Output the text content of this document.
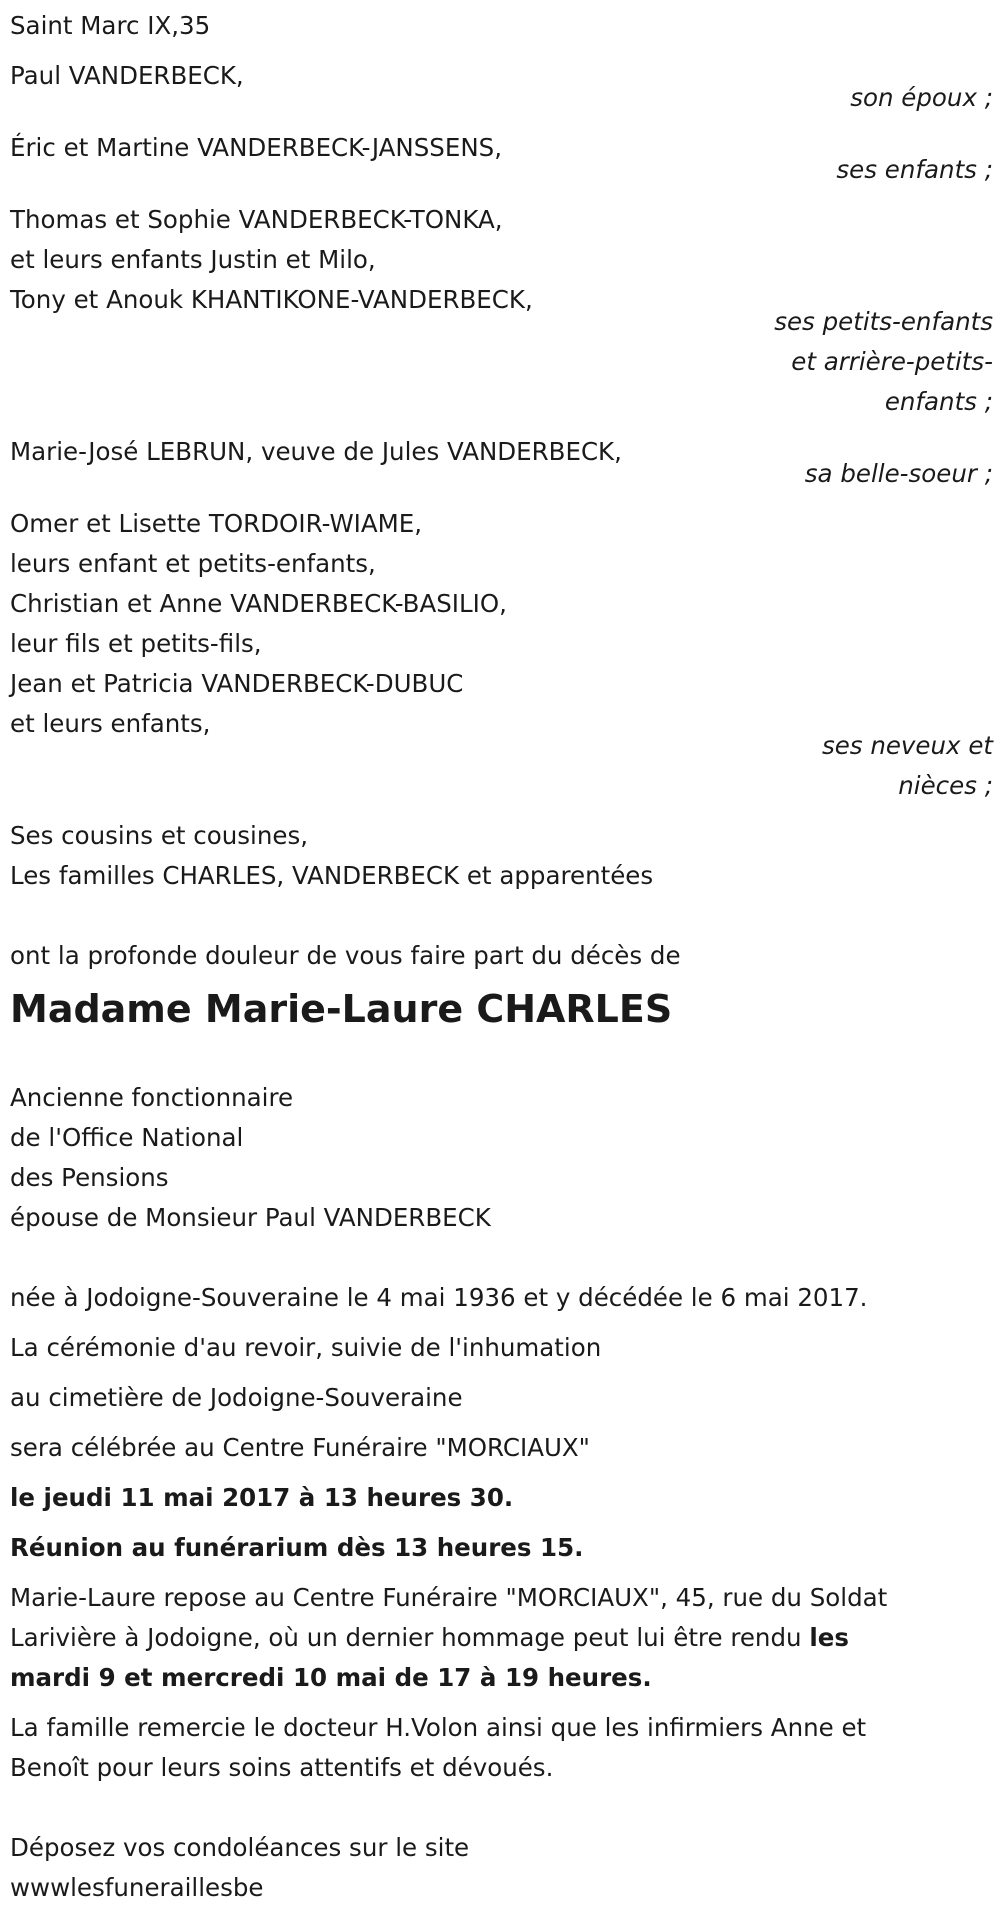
Saint Marc IX,35
Paul VANDERBECK,
son époux ;
Éric et Martine VANDERBECK-JANSSENS,
ses enfants ;
Thomas et Sophie VANDERBECK-TONKA,
et leurs enfants Justin et Milo,
Tony et Anouk KHANTIKONE-VANDERBECK,
ses petits-enfants
et arrière-petits-
enfants ;
Marie-José LEBRUN, veuve de Jules VANDERBECK,
sa belle-soeur ;
Omer et Lisette TORDOIR-WIAME,
leurs enfant et petits-enfants,
Christian et Anne VANDERBECK-BASILIO,
leur fils et petits-fils,
Jean et Patricia VANDERBECK-DUBUC
et leurs enfants,
ses neveux et
nièces ;
Ses cousins et cousines,
Les familles CHARLES, VANDERBECK et apparentées
ont la profonde douleur de vous faire part du décès de
Madame Marie-Laure CHARLES
Ancienne fonctionnaire
de l'Office National
des Pensions
épouse de Monsieur Paul VANDERBECK
née à Jodoigne-Souveraine le 4 mai 1936 et y décédée le 6 mai 2017.
La cérémonie d'au revoir, suivie de l'inhumation
au cimetière de Jodoigne-Souveraine
sera célébrée au Centre Funéraire "MORCIAUX"
le jeudi 11 mai 2017 à 13 heures 30.
Réunion au funérarium dès 13 heures 15.
Marie-Laure repose au Centre Funéraire "MORCIAUX", 45, rue du Soldat
Larivière à Jodoigne, où un dernier hommage peut lui être rendu les
mardi 9 et mercredi 10 mai de 17 à 19 heures.
La famille remercie le docteur H.Volon ainsi que les infirmiers Anne et
Benoît pour leurs soins attentifs et dévoués.
Déposez vos condoléances sur le site
wwwlesfuneraillesbe
